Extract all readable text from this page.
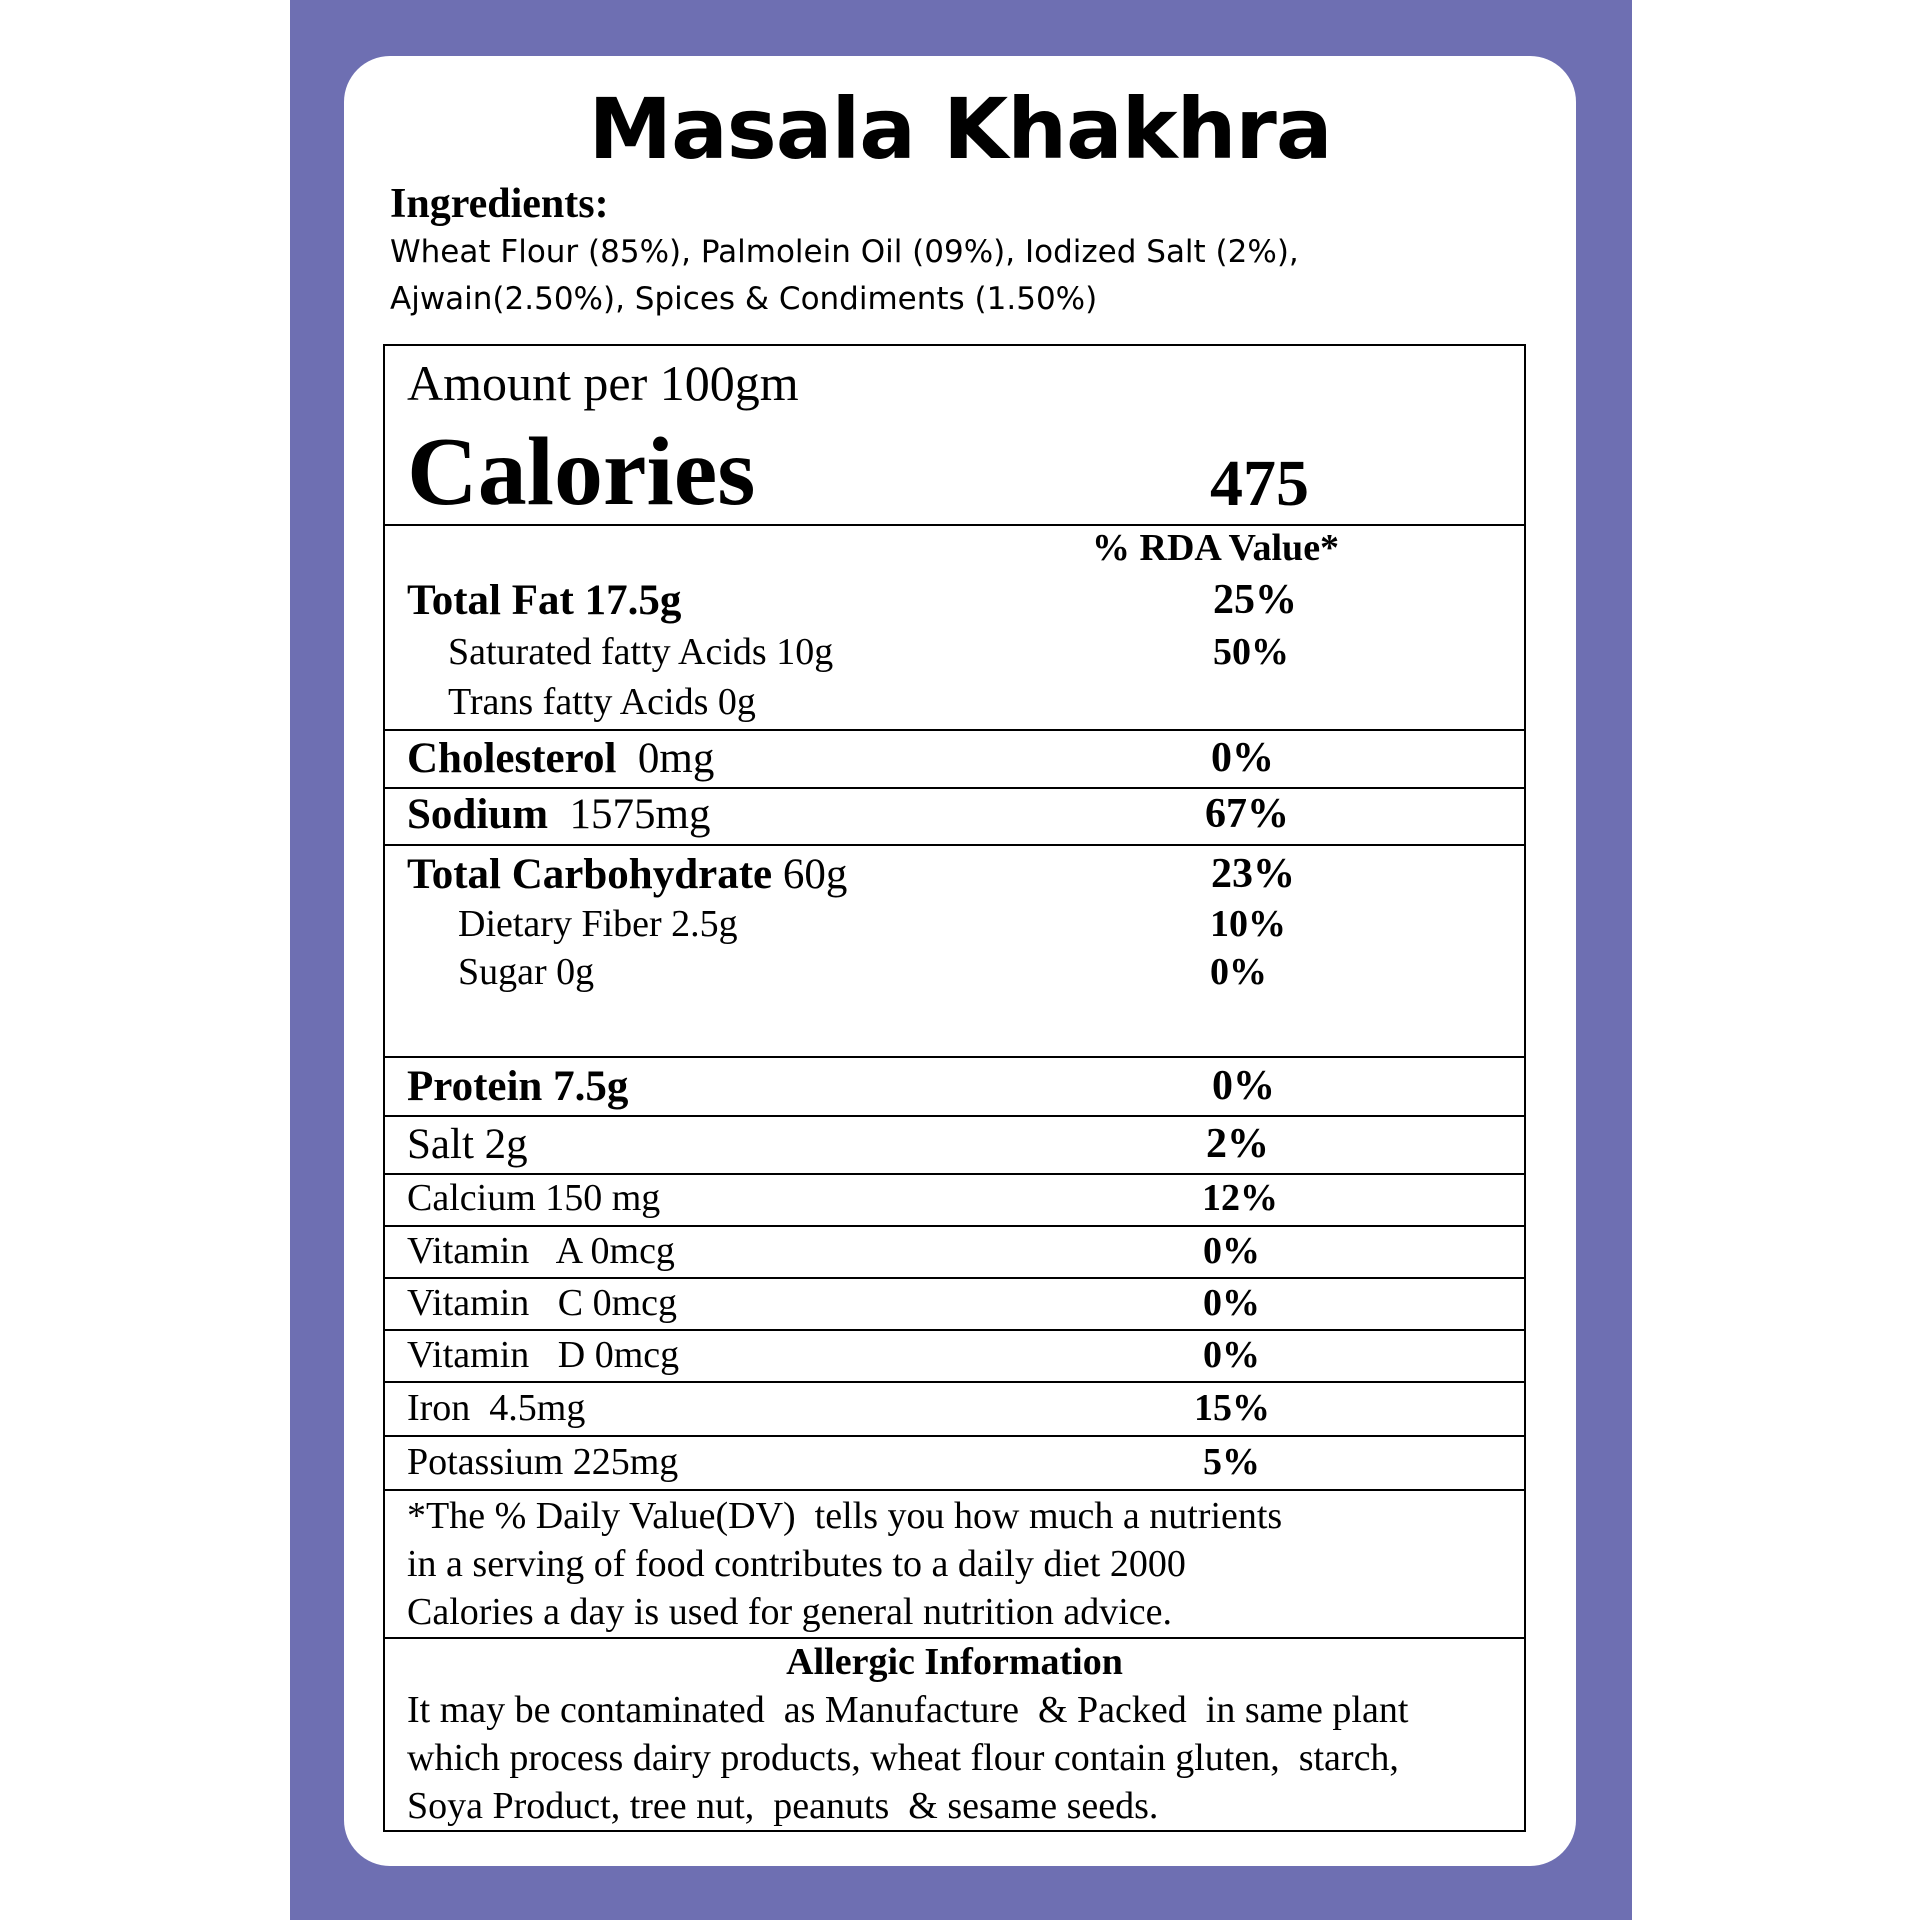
Masala Khakhra
Ingredients:
Wheat Flour (85%), Palmolein Oil (09%), Iodized Salt (2%),
Ajwain(2.50%), Spices & Condiments (1.50%)
Amount per 100gm
Calories	475
% RDA Value*
Total Fat 17.5g	25%
Saturated fatty Acids 10g	50%
Trans fatty Acids 0g
Cholesterol 0mg	0%
Sodium 1575mg	67%
Total Carbohydrate 60g	23%
Dietary Fiber 2.5g	10%
Sugar 0g	0%
Protein 7.5g	0%
Salt 2g	2%
Calcium 150 mg	12%
Vitamin   A 0mcg	0%
Vitamin   C 0mcg	0%
Vitamin   D 0mcg	0%
Iron  4.5mg	15%
Potassium 225mg	5%
*The % Daily Value(DV)  tells you how much a nutrients
in a serving of food contributes to a daily diet 2000
Calories a day is used for general nutrition advice.
Allergic Information
It may be contaminated  as Manufacture  & Packed  in same plant
which process dairy products, wheat flour contain gluten,  starch,
Soya Product, tree nut,  peanuts  & sesame seeds.
